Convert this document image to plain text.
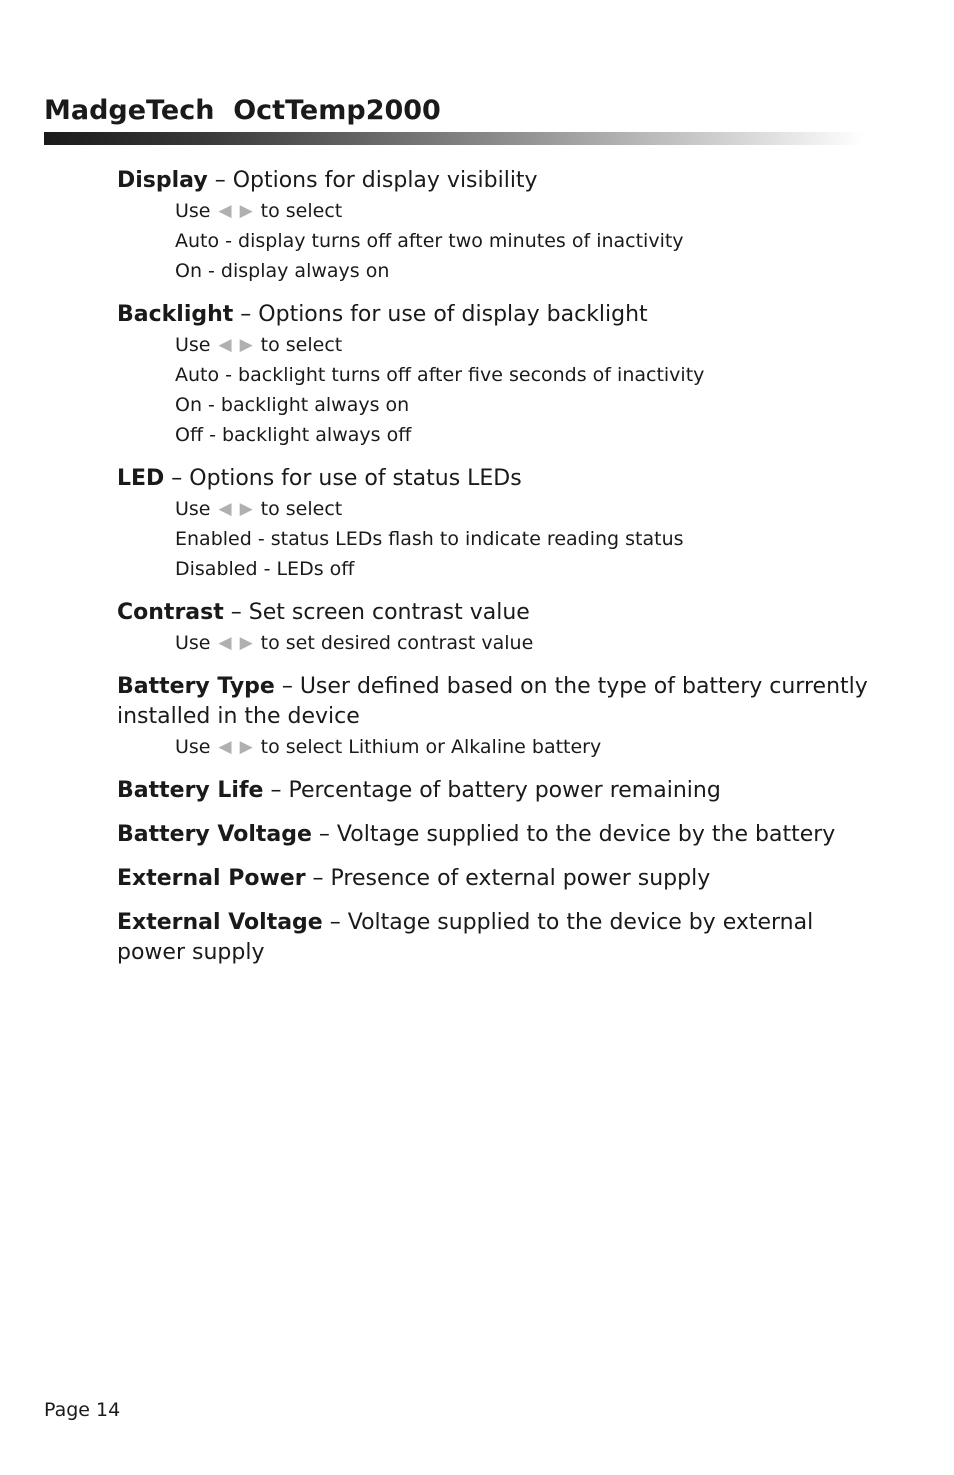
MadgeTech  OctTemp2000

Display – Options for display visibility

Use ◀ ▶ to select
Auto - display turns off after two minutes of inactivity
On - display always on

Backlight – Options for use of display backlight

Use ◀ ▶ to select
Auto - backlight turns off after five seconds of inactivity
On - backlight always on
Off - backlight always off

LED – Options for use of status LEDs

Use ◀ ▶ to select
Enabled - status LEDs flash to indicate reading status
Disabled - LEDs off

Contrast – Set screen contrast value

Use ◀ ▶ to set desired contrast value

Battery Type – User defined based on the type of battery currently installed in the device

Use ◀ ▶ to select Lithium or Alkaline battery

Battery Life – Percentage of battery power remaining

Battery Voltage – Voltage supplied to the device by the battery

External Power – Presence of external power supply

External Voltage – Voltage supplied to the device by external power supply

Page 14
